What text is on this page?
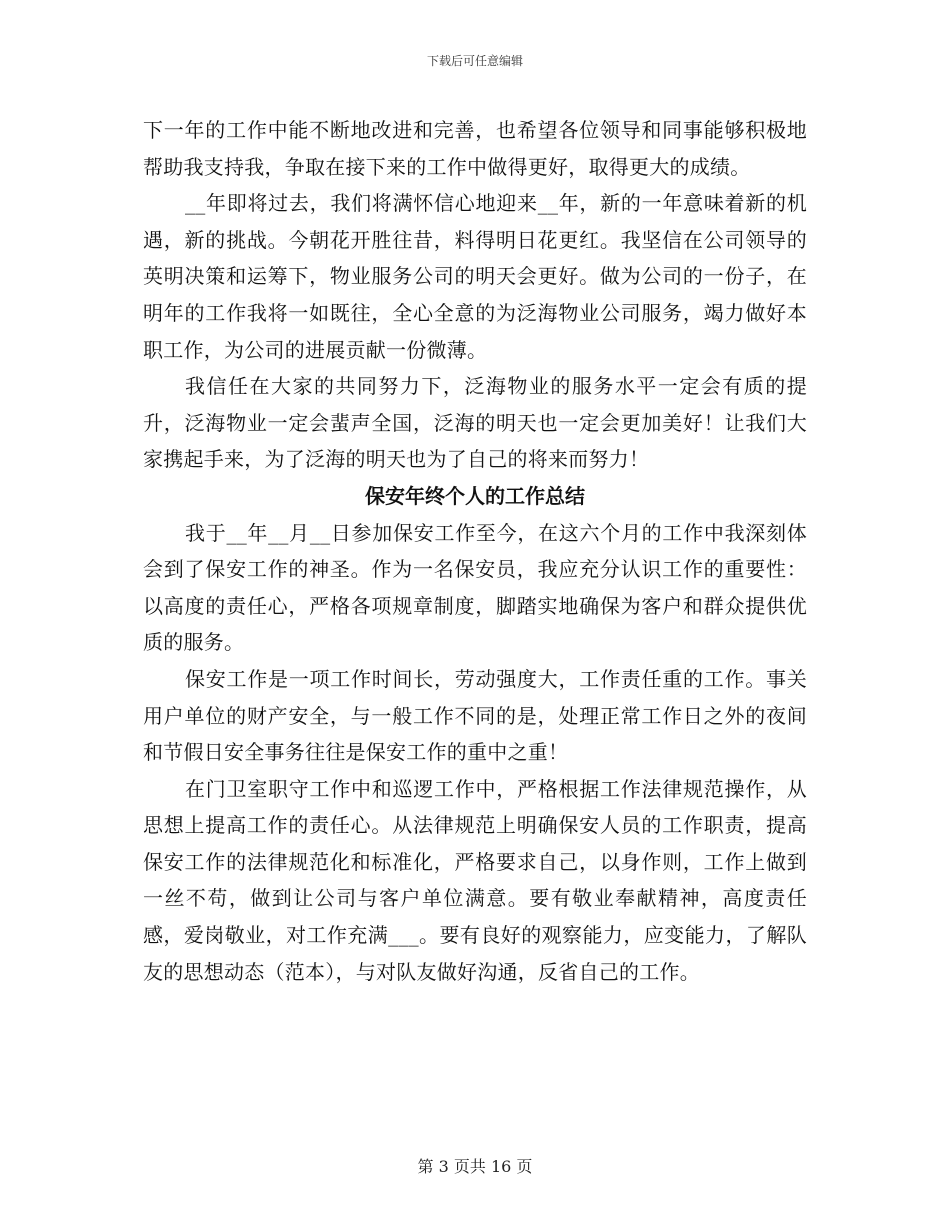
下载后可任意编辑

下一年的工作中能不断地改进和完善，也希望各位领导和同事能够积极地帮助我支持我，争取在接下来的工作中做得更好，取得更大的成绩。

__年即将过去，我们将满怀信心地迎来__年，新的一年意味着新的机遇，新的挑战。今朝花开胜往昔，料得明日花更红。我坚信在公司领导的英明决策和运筹下，物业服务公司的明天会更好。做为公司的一份子，在明年的工作我将一如既往，全心全意的为泛海物业公司服务，竭力做好本职工作，为公司的进展贡献一份微薄。

我信任在大家的共同努力下，泛海物业的服务水平一定会有质的提升，泛海物业一定会蜚声全国，泛海的明天也一定会更加美好！让我们大家携起手来，为了泛海的明天也为了自己的将来而努力！

保安年终个人的工作总结

我于__年__月__日参加保安工作至今，在这六个月的工作中我深刻体会到了保安工作的神圣。作为一名保安员，我应充分认识工作的重要性：以高度的责任心，严格各项规章制度，脚踏实地确保为客户和群众提供优质的服务。

保安工作是一项工作时间长，劳动强度大，工作责任重的工作。事关用户单位的财产安全，与一般工作不同的是，处理正常工作日之外的夜间和节假日安全事务往往是保安工作的重中之重！

在门卫室职守工作中和巡逻工作中，严格根据工作法律规范操作，从思想上提高工作的责任心。从法律规范上明确保安人员的工作职责，提高保安工作的法律规范化和标准化，严格要求自己，以身作则，工作上做到一丝不苟，做到让公司与客户单位满意。要有敬业奉献精神，高度责任感，爱岗敬业，对工作充满___。要有良好的观察能力，应变能力，了解队友的思想动态（范本），与对队友做好沟通，反省自己的工作。

第 3 页共 16 页
